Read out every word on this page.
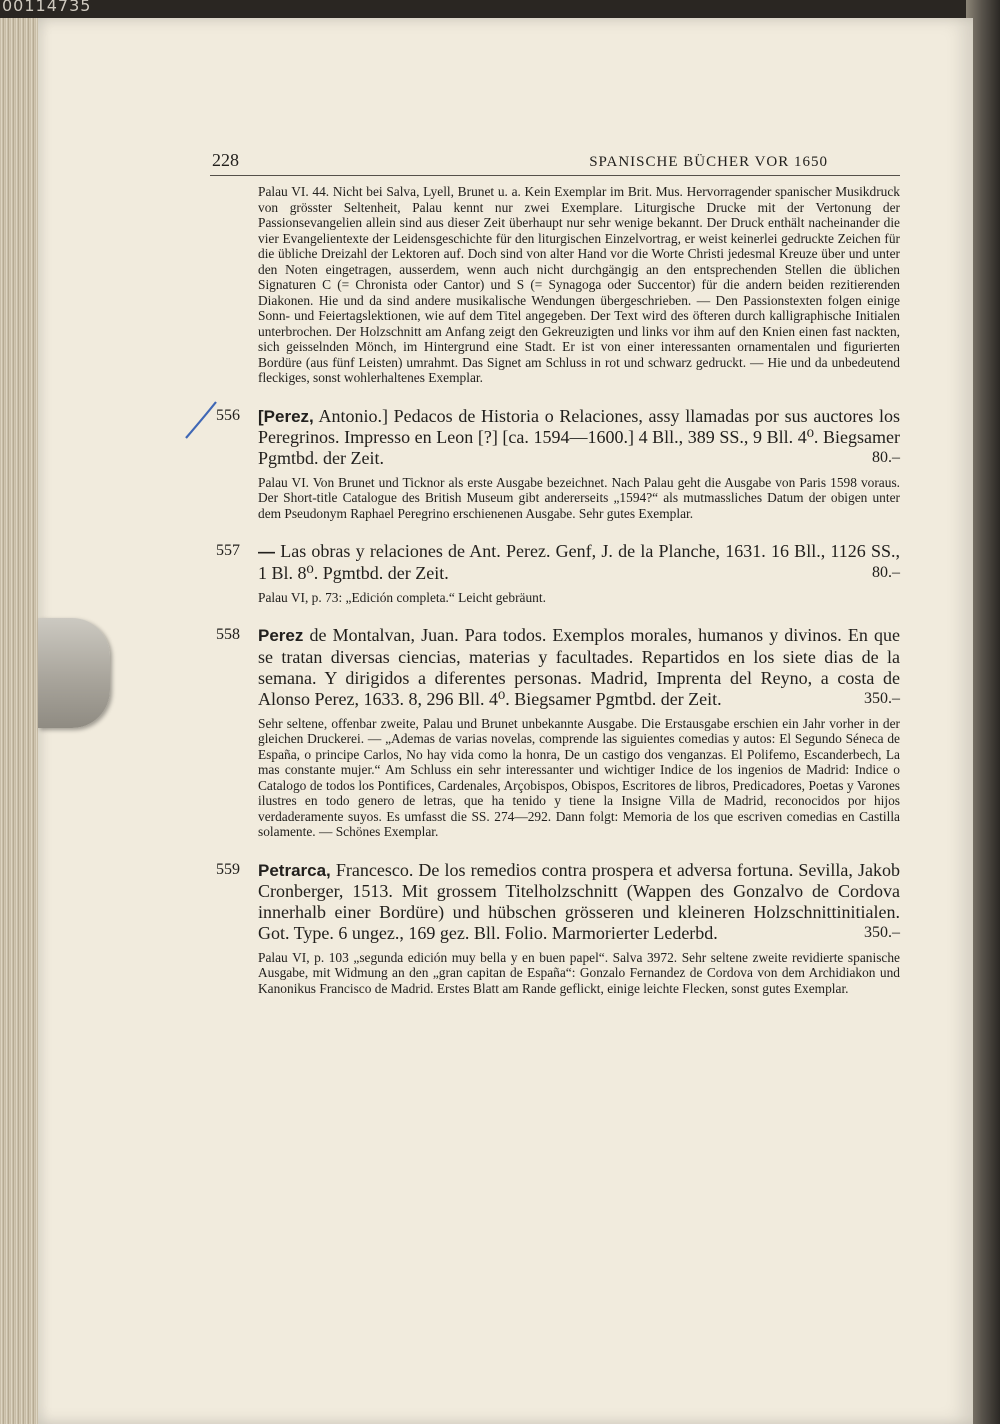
00114735
228	SPANISCHE BÜCHER VOR 1650

Palau VI. 44. Nicht bei Salva, Lyell, Brunet u. a. Kein Exemplar im Brit. Mus. Hervorragender spanischer Musikdruck von grösster Seltenheit, Palau kennt nur zwei Exemplare. Liturgische Drucke mit der Vertonung der Passionsevangelien allein sind aus dieser Zeit überhaupt nur sehr wenige bekannt. Der Druck enthält nacheinander die vier Evangelientexte der Leidensgeschichte für den liturgischen Einzelvortrag, er weist keinerlei gedruckte Zeichen für die übliche Dreizahl der Lektoren auf. Doch sind von alter Hand vor die Worte Christi jedesmal Kreuze über und unter den Noten eingetragen, ausserdem, wenn auch nicht durchgängig an den entsprechenden Stellen die üblichen Signaturen C (= Chronista oder Cantor) und S (= Synagoga oder Succentor) für die andern beiden rezitierenden Diakonen. Hie und da sind andere musikalische Wendungen übergeschrieben. — Den Passionstexten folgen einige Sonn- und Feiertagslektionen, wie auf dem Titel angegeben. Der Text wird des öfteren durch kalligraphische Initialen unterbrochen. Der Holzschnitt am Anfang zeigt den Gekreuzigten und links vor ihm auf den Knien einen fast nackten, sich geisselnden Mönch, im Hintergrund eine Stadt. Er ist von einer interessanten ornamentalen und figurierten Bordüre (aus fünf Leisten) umrahmt. Das Signet am Schluss in rot und schwarz gedruckt. — Hie und da unbedeutend fleckiges, sonst wohlerhaltenes Exemplar.

556	[Perez, Antonio.] Pedacos de Historia o Relaciones, assy llamadas por sus auctores los Peregrinos. Impresso en Leon [?] [ca. 1594—1600.] 4 Bll., 389 SS., 9 Bll. 4⁰. Biegsamer Pgmtbd. der Zeit.	80.–

Palau VI. Von Brunet und Ticknor als erste Ausgabe bezeichnet. Nach Palau geht die Ausgabe von Paris 1598 voraus. Der Short-title Catalogue des British Museum gibt andererseits „1594?“ als mutmassliches Datum der obigen unter dem Pseudonym Raphael Peregrino erschienenen Ausgabe. Sehr gutes Exemplar.

557	— Las obras y relaciones de Ant. Perez. Genf, J. de la Planche, 1631. 16 Bll., 1126 SS., 1 Bl. 8⁰. Pgmtbd. der Zeit.	80.–

Palau VI, p. 73: „Edición completa.“ Leicht gebräunt.

558	Perez de Montalvan, Juan. Para todos. Exemplos morales, humanos y divinos. En que se tratan diversas ciencias, materias y facultades. Repartidos en los siete dias de la semana. Y dirigidos a diferentes personas. Madrid, Imprenta del Reyno, a costa de Alonso Perez, 1633. 8, 296 Bll. 4⁰. Biegsamer Pgmtbd. der Zeit.	350.–

Sehr seltene, offenbar zweite, Palau und Brunet unbekannte Ausgabe. Die Erstausgabe erschien ein Jahr vorher in der gleichen Druckerei. — „Ademas de varias novelas, comprende las siguientes comedias y autos: El Segundo Séneca de España, o principe Carlos, No hay vida como la honra, De un castigo dos venganzas. El Polifemo, Escanderbech, La mas constante mujer.“ Am Schluss ein sehr interessanter und wichtiger Indice de los ingenios de Madrid: Indice o Catalogo de todos los Pontifices, Cardenales, Arçobispos, Obispos, Escritores de libros, Predicadores, Poetas y Varones ilustres en todo genero de letras, que ha tenido y tiene la Insigne Villa de Madrid, reconocidos por hijos verdaderamente suyos. Es umfasst die SS. 274—292. Dann folgt: Memoria de los que escriven comedias en Castilla solamente. — Schönes Exemplar.

559	Petrarca, Francesco. De los remedios contra prospera et adversa fortuna. Sevilla, Jakob Cronberger, 1513. Mit grossem Titelholzschnitt (Wappen des Gonzalvo de Cordova innerhalb einer Bordüre) und hübschen grösseren und kleineren Holzschnittinitialen. Got. Type. 6 ungez., 169 gez. Bll. Folio. Marmorierter Lederbd.	350.–

Palau VI, p. 103 „segunda edición muy bella y en buen papel“. Salva 3972. Sehr seltene zweite revidierte spanische Ausgabe, mit Widmung an den „gran capitan de España“: Gonzalo Fernandez de Cordova von dem Archidiakon und Kanonikus Francisco de Madrid. Erstes Blatt am Rande geflickt, einige leichte Flecken, sonst gutes Exemplar.
